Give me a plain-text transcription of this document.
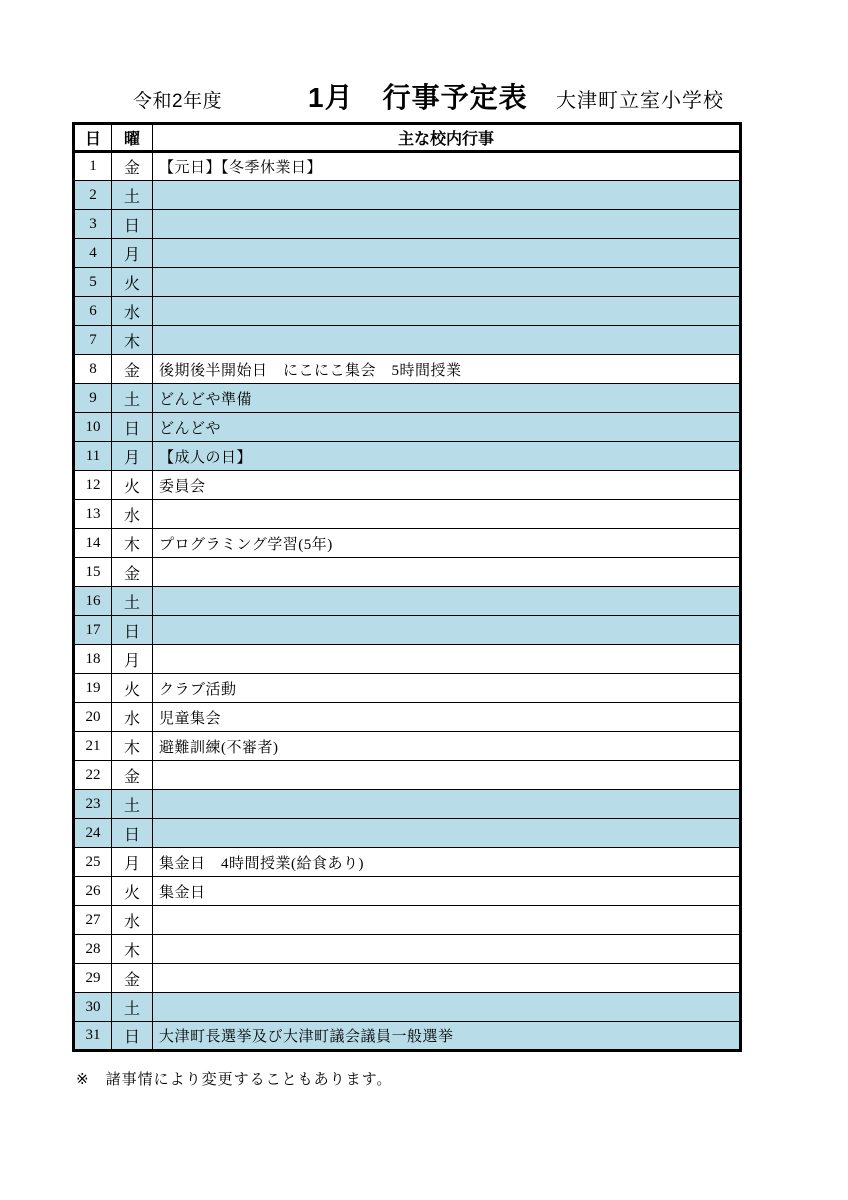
令和2年度	1月　行事予定表 大津町立室小学校
日	曜	主な校内行事
1	金	【元日】【冬季休業日】
2	土	
3	日	
4	月	
5	火	
6	水	
7	木	
8	金	後期後半開始日　にこにこ集会　5時間授業
9	土	どんどや準備
10	日	どんどや
11	月	【成人の日】
12	火	委員会
13	水	
14	木	プログラミング学習(5年)
15	金	
16	土	
17	日	
18	月	
19	火	クラブ活動
20	水	児童集会
21	木	避難訓練(不審者)
22	金	
23	土	
24	日	
25	月	集金日　4時間授業(給食あり)
26	火	集金日
27	水	
28	木	
29	金	
30	土	
31	日	大津町長選挙及び大津町議会議員一般選挙
※　諸事情により変更することもあります。
